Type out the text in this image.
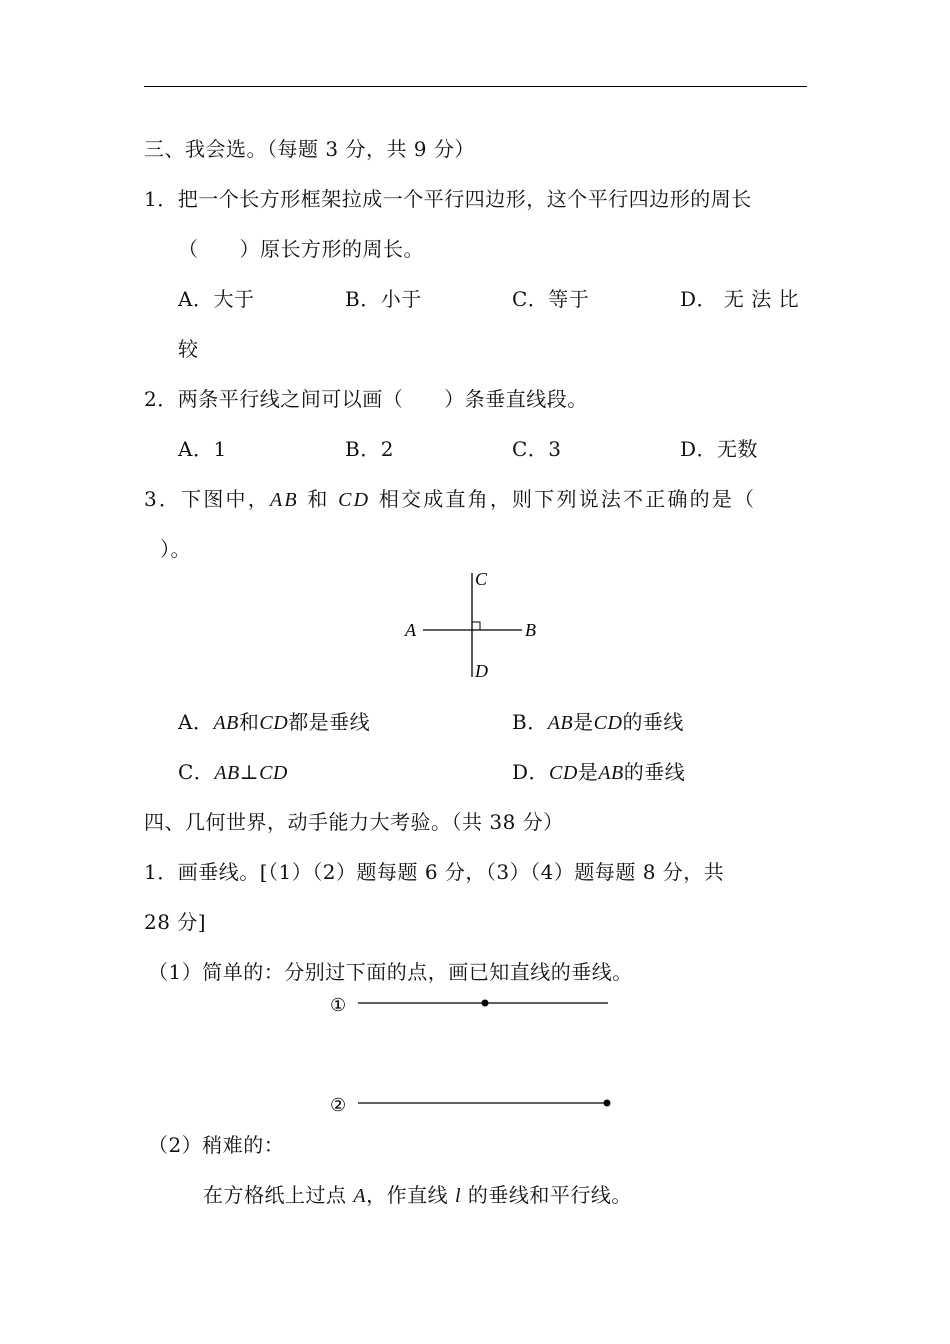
三、我会选。（每题 3 分，共 9 分）
1．把一个长方形框架拉成一个平行四边形，这个平行四边形的周长
（　　）原长方形的周长。
A．大于	B．小于	C．等于	D． 无 法 比
较
2．两条平行线之间可以画（　　）条垂直线段。
A．1	B．2	C．3	D．无数
3．下图中，AB 和 CD 相交成直角，则下列说法不正确的是（
）。
A	B
C
D
A．AB和CD都是垂线	B．AB是CD的垂线
C．AB⊥CD	D．CD是AB的垂线
四、几何世界，动手能力大考验。（共 38 分）
1．画垂线。[（1）（2）题每题 6 分，（3）（4）题每题 8 分，共
28 分]
（1）简单的：分别过下面的点，画已知直线的垂线。
①
②
（2）稍难的：
在方格纸上过点 A，作直线 l 的垂线和平行线。
